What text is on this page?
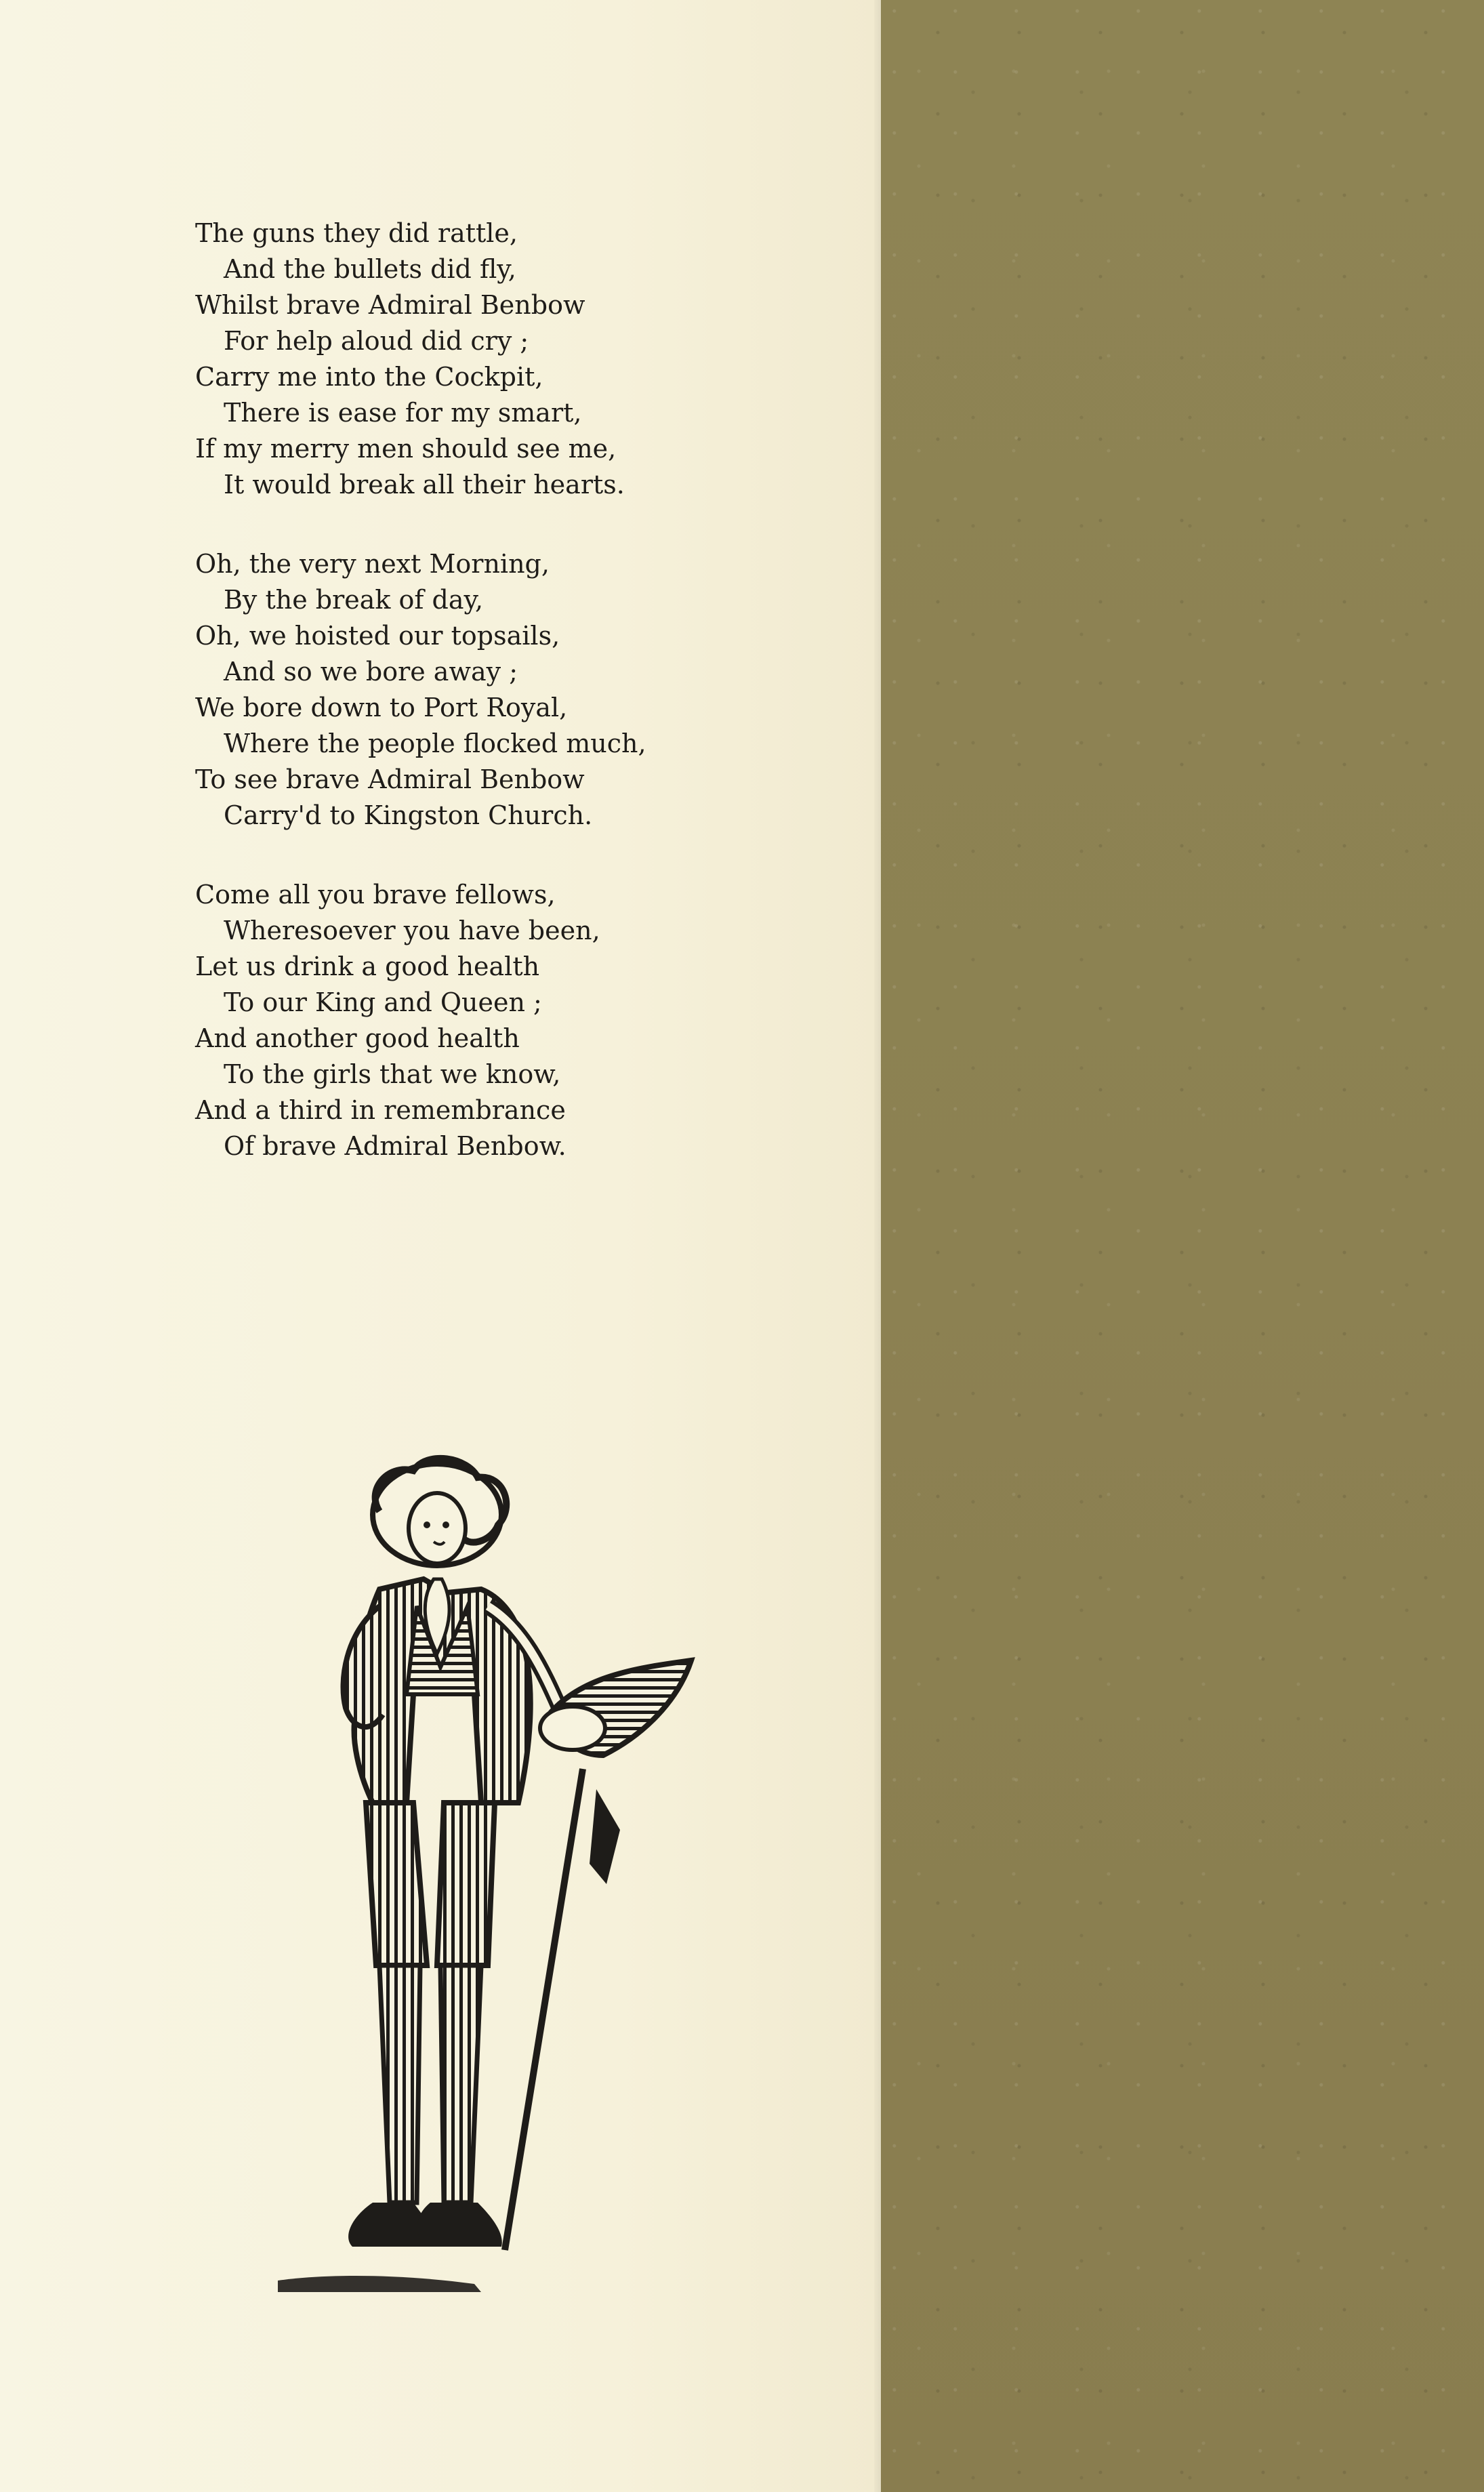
The guns they did rattle,
And the bullets did fly,
Whilst brave Admiral Benbow
For help aloud did cry ;
Carry me into the Cockpit,
There is ease for my smart,
If my merry men should see me,
It would break all their hearts.
Oh, the very next Morning,
By the break of day,
Oh, we hoisted our topsails,
And so we bore away ;
We bore down to Port Royal,
Where the people flocked much,
To see brave Admiral Benbow
Carry'd to Kingston Church.
Come all you brave fellows,
Wheresoever you have been,
Let us drink a good health
To our King and Queen ;
And another good health
To the girls that we know,
And a third in remembrance
Of brave Admiral Benbow.
